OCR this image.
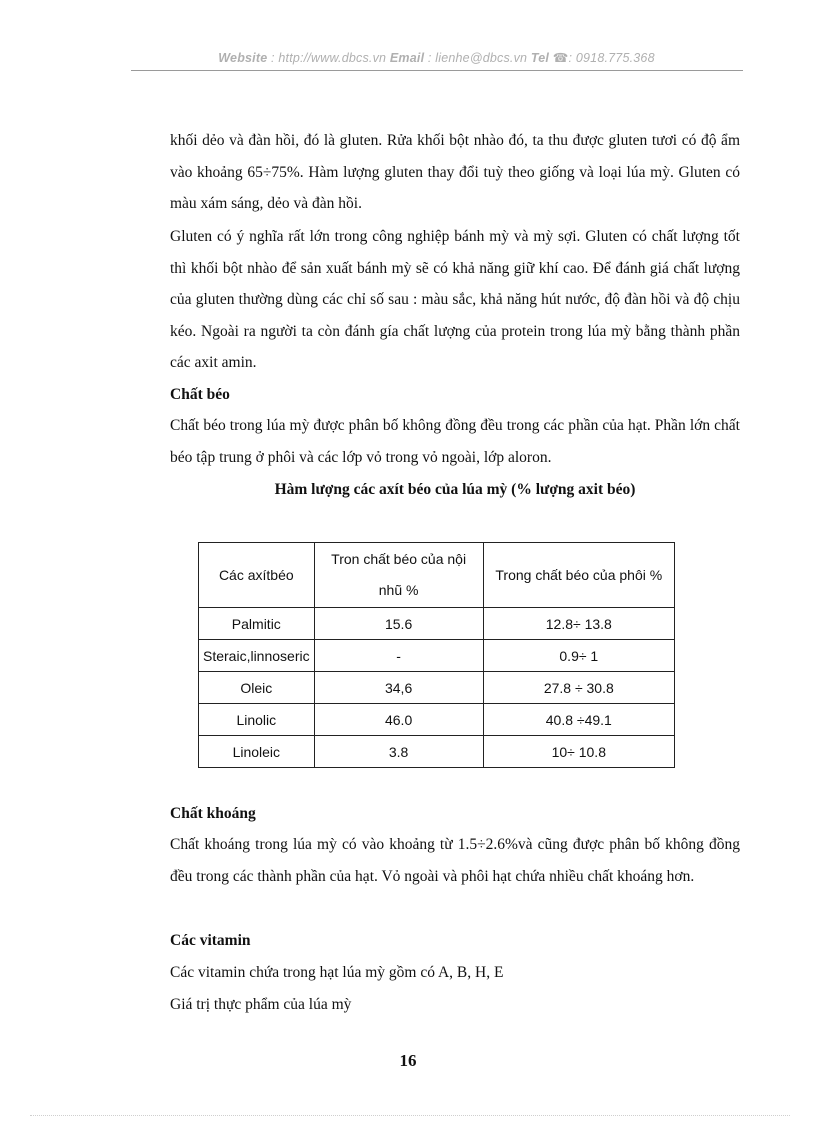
Website : http://www.dbcs.vn Email : lienhe@dbcs.vn Tel ☎: 0918.775.368

khối dẻo và đàn hồi, đó là gluten. Rửa khối bột nhào đó, ta thu được gluten tươi có độ ẩm vào khoảng 65÷75%. Hàm lượng gluten thay đổi tuỳ theo giống và loại lúa mỳ. Gluten có màu xám sáng, dẻo và đàn hồi.

Gluten có ý nghĩa rất lớn trong công nghiệp bánh mỳ và mỳ sợi. Gluten có chất lượng tốt thì khối bột nhào để sản xuất bánh mỳ sẽ có khả năng giữ khí cao. Để đánh giá chất lượng của gluten thường dùng các chỉ số sau : màu sắc, khả năng hút nước, độ đàn hồi và độ chịu kéo. Ngoài ra người ta còn đánh gía chất lượng của protein trong lúa mỳ bằng thành phần các axit amin.

Chất béo

Chất béo trong lúa mỳ được phân bố không đồng đều trong các phần của hạt. Phần lớn chất béo tập trung ở phôi và các lớp vỏ trong vỏ ngoài, lớp aloron.

Hàm lượng các axít béo của lúa mỳ (% lượng axit béo)
Các axítbéo	Tron chất béo của nội nhũ %	Trong chất béo của phôi %
Palmitic	15.6	12.8÷ 13.8
Steraic,linnoseric	-	0.9÷ 1
Oleic	34,6	27.8 ÷ 30.8
Linolic	46.0	40.8 ÷49.1
Linoleic	3.8	10÷ 10.8

Chất khoáng

Chất khoáng trong lúa mỳ có vào khoảng từ 1.5÷2.6%và cũng được phân bố không đồng đều trong các thành phần của hạt. Vỏ ngoài và phôi hạt chứa nhiều chất khoáng hơn.

Các vitamin

Các vitamin chứa trong hạt lúa mỳ gồm có A, B, H, E

Giá trị thực phẩm của lúa mỳ

16
